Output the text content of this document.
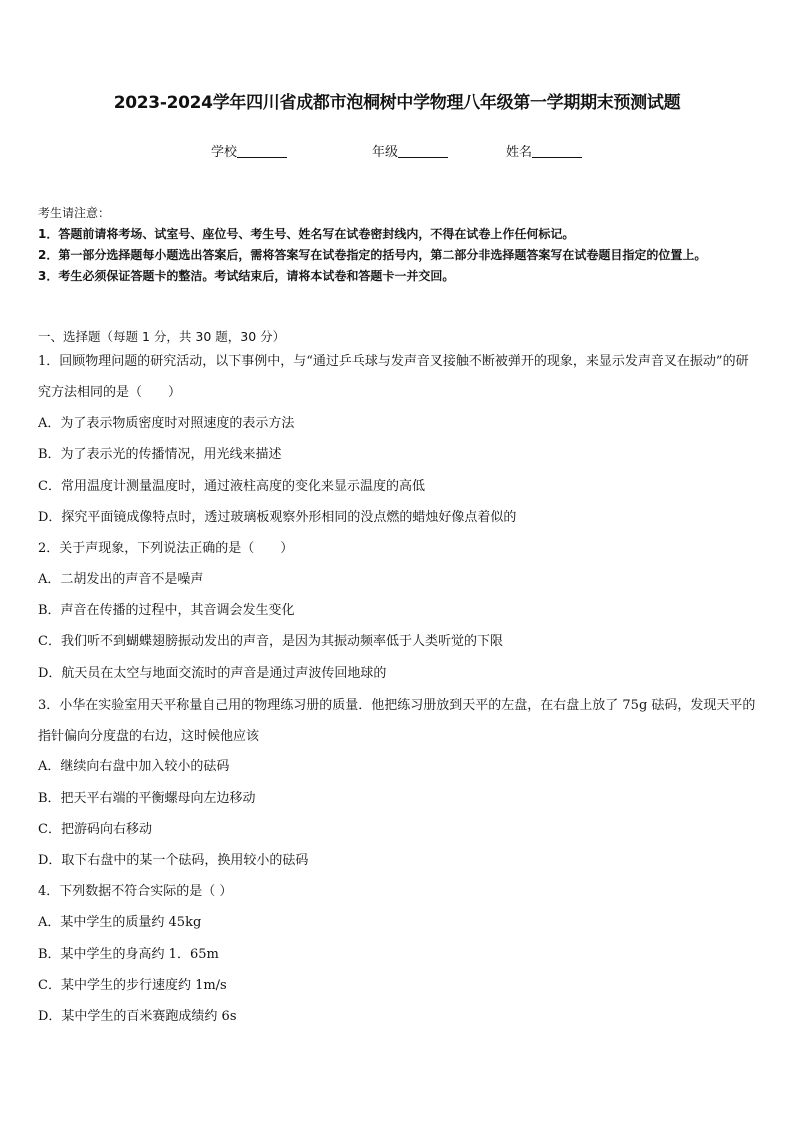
2023-2024学年四川省成都市泡桐树中学物理八年级第一学期期末预测试题
学校	年级	姓名
考生请注意：
1．答题前请将考场、试室号、座位号、考生号、姓名写在试卷密封线内，不得在试卷上作任何标记。
2．第一部分选择题每小题选出答案后，需将答案写在试卷指定的括号内，第二部分非选择题答案写在试卷题目指定的位置上。
3．考生必须保证答题卡的整洁。考试结束后，请将本试卷和答题卡一并交回。
一、选择题（每题 1 分，共 30 题，30 分）
1．回顾物理问题的研究活动，以下事例中，与“通过乒乓球与发声音叉接触不断被弹开的现象，来显示发声音叉在振动”的研究方法相同的是（　　）
A．为了表示物质密度时对照速度的表示方法
B．为了表示光的传播情况，用光线来描述
C．常用温度计测量温度时，通过液柱高度的变化来显示温度的高低
D．探究平面镜成像特点时，透过玻璃板观察外形相同的没点燃的蜡烛好像点着似的
2．关于声现象，下列说法正确的是（　　）
A．二胡发出的声音不是噪声
B．声音在传播的过程中，其音调会发生变化
C．我们听不到蝴蝶翅膀振动发出的声音，是因为其振动频率低于人类听觉的下限
D．航天员在太空与地面交流时的声音是通过声波传回地球的
3．小华在实验室用天平称量自己用的物理练习册的质量．他把练习册放到天平的左盘，在右盘上放了 75g 砝码，发现天平的指针偏向分度盘的右边，这时候他应该
A．继续向右盘中加入较小的砝码
B．把天平右端的平衡螺母向左边移动
C．把游码向右移动
D．取下右盘中的某一个砝码，换用较小的砝码
4．下列数据不符合实际的是（ ）
A．某中学生的质量约 45kg
B．某中学生的身高约 1．65m
C．某中学生的步行速度约 1m/s
D．某中学生的百米赛跑成绩约 6s
